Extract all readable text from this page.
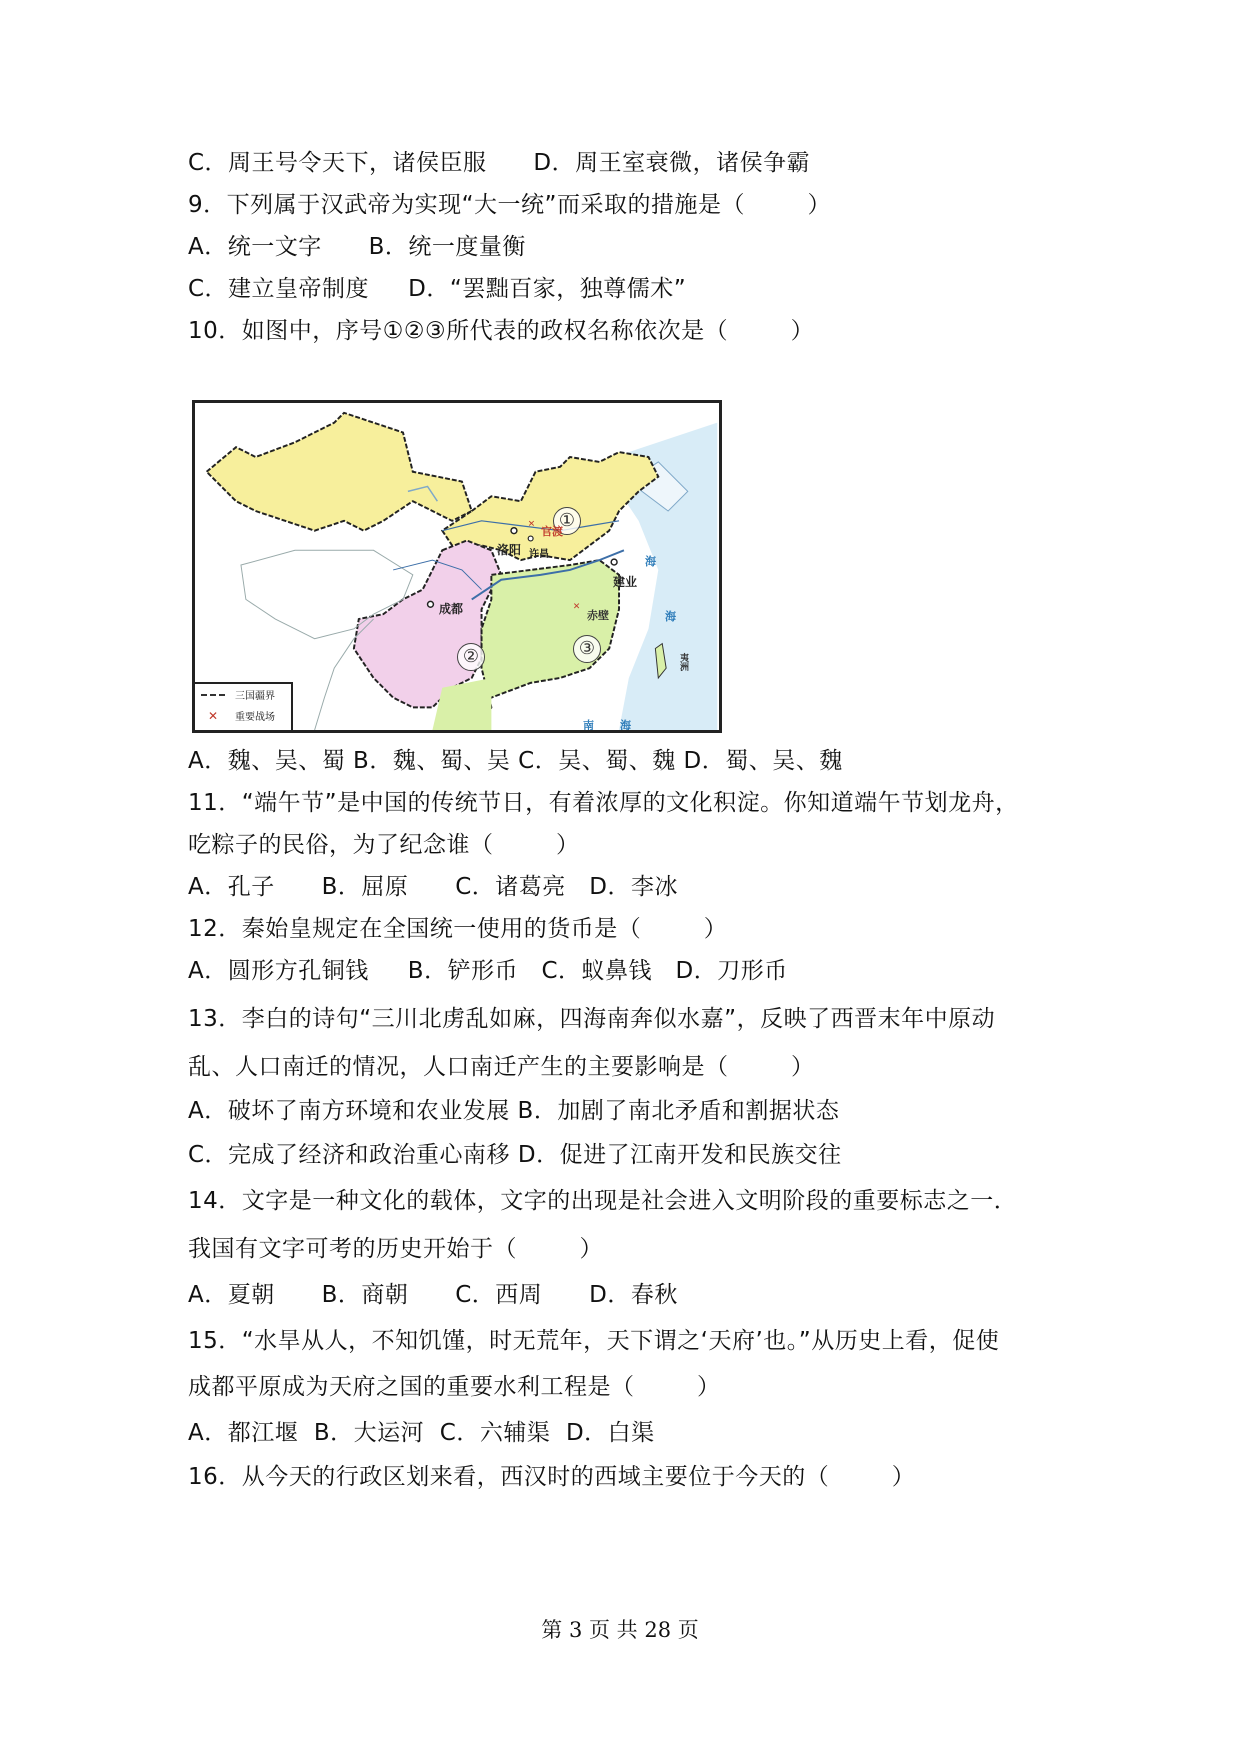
C．周王号令天下，诸侯臣服      D．周王室衰微，诸侯争霸
9．下列属于汉武帝为实现“大一统”而采取的措施是（        ）
A．统一文字      B．统一度量衡
C．建立皇帝制度     D．“罢黜百家，独尊儒术”
10．如图中，序号①②③所代表的政权名称依次是（        ）
✕
✕
①
②	③
洛阳 许昌
官渡
成都
建业
赤壁
海
海
夷洲
南 海
三国疆界
✕	重要战场
A．魏、吴、蜀 B．魏、蜀、吴 C．吴、蜀、魏 D．蜀、吴、魏
11．“端午节”是中国的传统节日，有着浓厚的文化积淀。你知道端午节划龙舟，
吃粽子的民俗，为了纪念谁（        ）
A．孔子      B．屈原      C．诸葛亮   D．李冰
12．秦始皇规定在全国统一使用的货币是（        ）
A．圆形方孔铜钱     B．铲形币   C．蚁鼻钱   D．刀形币
13．李白的诗句“三川北虏乱如麻，四海南奔似水嘉”，反映了西晋末年中原动
乱、人口南迁的情况，人口南迁产生的主要影响是（        ）
A．破坏了南方环境和农业发展 B．加剧了南北矛盾和割据状态
C．完成了经济和政治重心南移 D．促进了江南开发和民族交往
14．文字是一种文化的载体，文字的出现是社会进入文明阶段的重要标志之一．
我国有文字可考的历史开始于（        ）
A．夏朝      B．商朝      C．西周      D．春秋
15．“水旱从人，不知饥馑，时无荒年，天下谓之‘天府’也。”从历史上看，促使
成都平原成为天府之国的重要水利工程是（        ）
A．都江堰  B．大运河  C．六辅渠  D．白渠
16．从今天的行政区划来看，西汉时的西域主要位于今天的（        ）
第 3 页 共 28 页
